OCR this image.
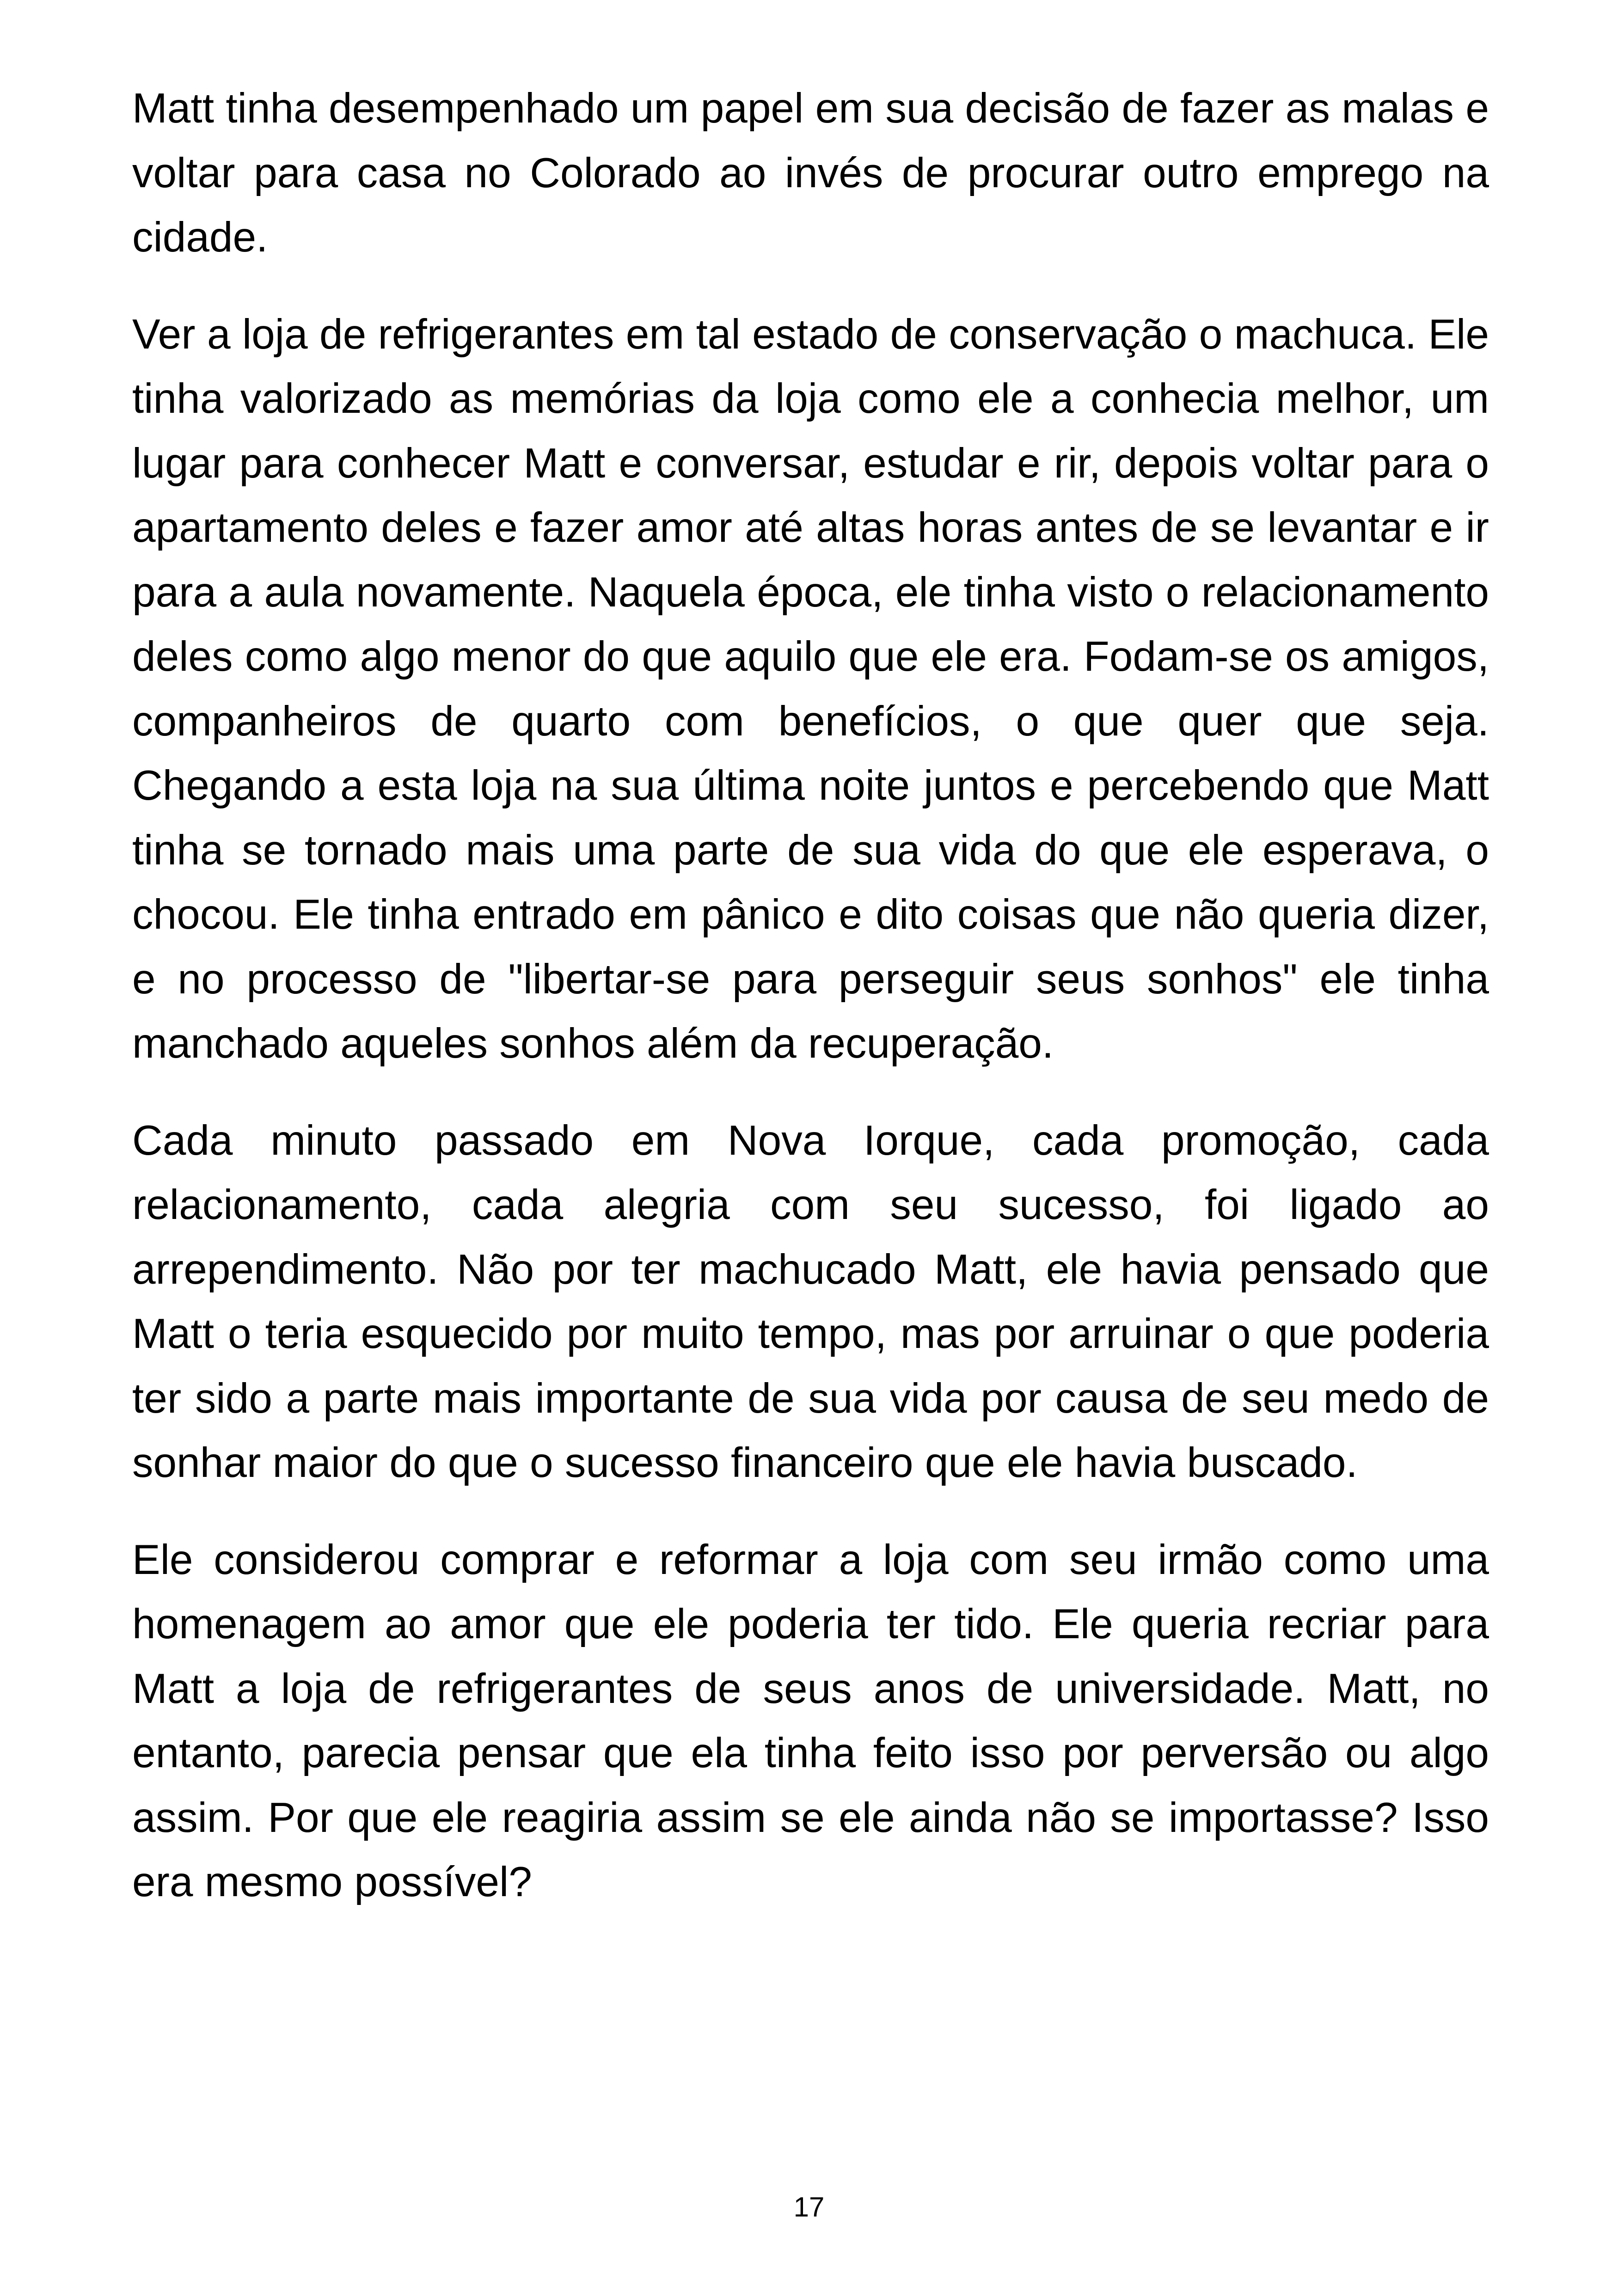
Matt tinha desempenhado um papel em sua decisão de fazer as malas e voltar para casa no Colorado ao invés de procurar outro emprego na cidade.

Ver a loja de refrigerantes em tal estado de conservação o machuca. Ele tinha valorizado as memórias da loja como ele a conhecia melhor, um lugar para conhecer Matt e conversar, estudar e rir, depois voltar para o apartamento deles e fazer amor até altas horas antes de se levantar e ir para a aula novamente. Naquela época, ele tinha visto o relacionamento deles como algo menor do que aquilo que ele era. Fodam-se os amigos, companheiros de quarto com benefícios, o que quer que seja. Chegando a esta loja na sua última noite juntos e percebendo que Matt tinha se tornado mais uma parte de sua vida do que ele esperava, o chocou. Ele tinha entrado em pânico e dito coisas que não queria dizer, e no processo de "libertar-se para perseguir seus sonhos" ele tinha manchado aqueles sonhos além da recuperação.

Cada minuto passado em Nova Iorque, cada promoção, cada relacionamento, cada alegria com seu sucesso, foi ligado ao arrependimento. Não por ter machucado Matt, ele havia pensado que Matt o teria esquecido por muito tempo, mas por arruinar o que poderia ter sido a parte mais importante de sua vida por causa de seu medo de sonhar maior do que o sucesso financeiro que ele havia buscado.

Ele considerou comprar e reformar a loja com seu irmão como uma homenagem ao amor que ele poderia ter tido. Ele queria recriar para Matt a loja de refrigerantes de seus anos de universidade. Matt, no entanto, parecia pensar que ela tinha feito isso por perversão ou algo assim. Por que ele reagiria assim se ele ainda não se importasse? Isso era mesmo possível?

17
